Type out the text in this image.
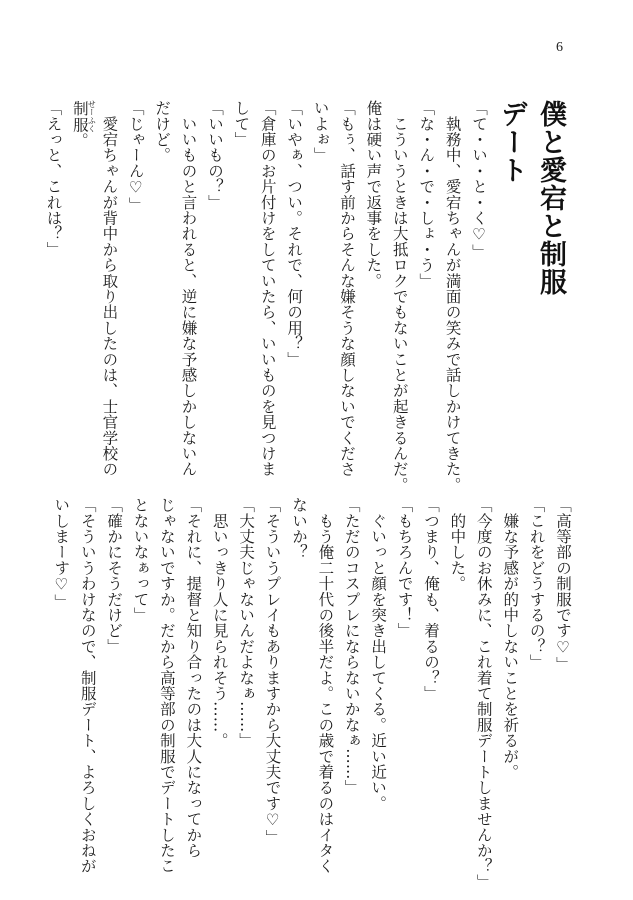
6
僕と愛宕と制服デート
「て・い・と・く♡」
　執務中、愛宕ちゃんが満面の笑みで話しかけてきた。
「な・ん・で・しょ・う」
　こういうときは大抵ロクでもないことが起きるんだ。
俺は硬い声で返事をした。
「もぅ、話す前からそんな嫌そうな顔しないでくださ
いよぉ」
「いやぁ、つい。それで、何の用？」
「倉庫のお片付けをしていたら、いいものを見つけま
して」
「いいもの？」
　いいものと言われると、逆に嫌な予感しかしないん
だけど。
「じゃーん♡」
　愛宕ちゃんが背中から取り出したのは、士官学校の
制服せーふく。
「えっと、これは？」
「高等部の制服です♡」
「これをどうするの？」
　嫌な予感が的中しないことを祈るが。
「今度のお休みに、これ着て制服デートしませんか？」
　的中した。
「つまり、俺も、着るの？」
「もちろんです！」
　ぐいっと顔を突き出してくる。近い近い。
「ただのコスプレにならないかなぁ……」
　もう俺二十代の後半だよ。この歳で着るのはイタく
ないか？
「そういうプレイもありますから大丈夫です♡」
「大丈夫じゃないんだよなぁ……」
　思いっきり人に見られそう……。
「それに、提督と知り合ったのは大人になってから
じゃないですか。だから高等部の制服でデートしたこ
とないなぁって」
「確かにそうだけど」
「そういうわけなので、制服デート、よろしくおねが
いしまーす♡」
